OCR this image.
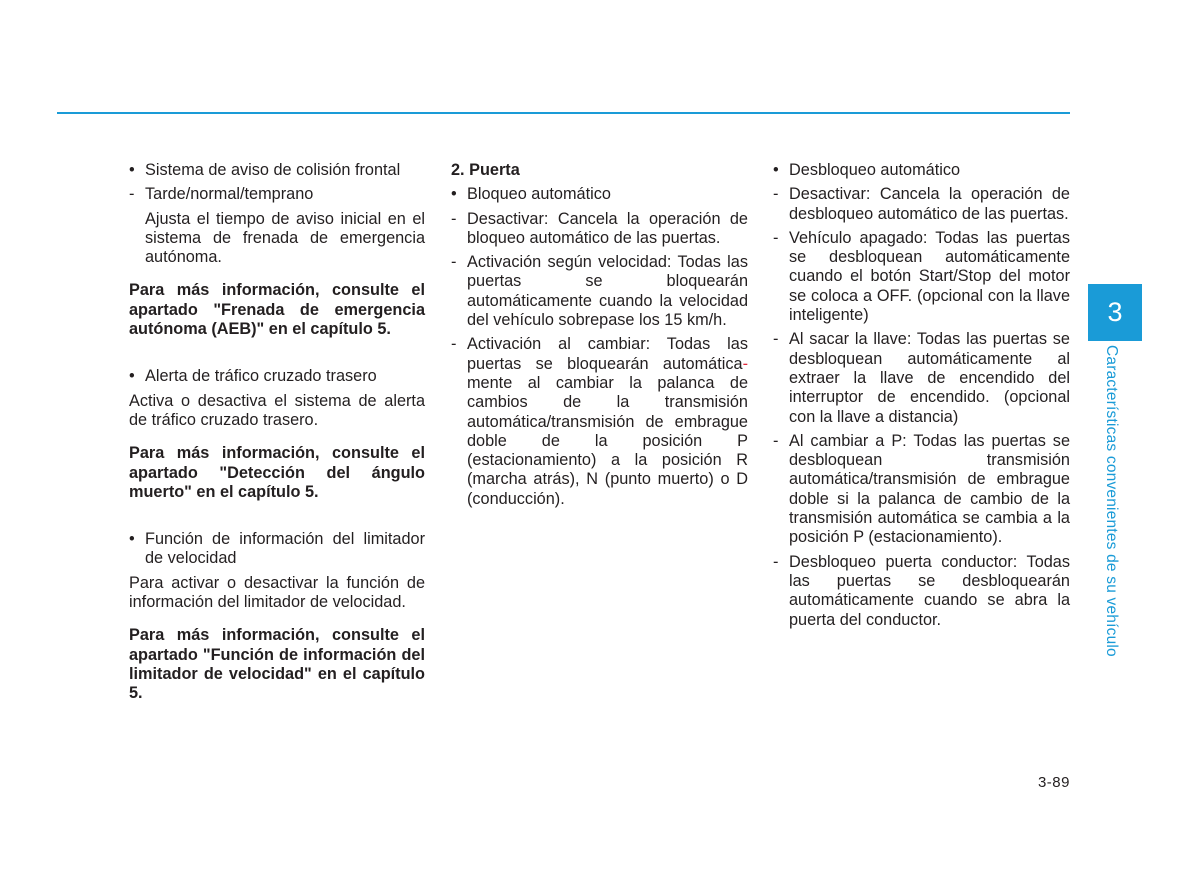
• Sistema de aviso de colisión frontal
- Tarde/normal/temprano
Ajusta el tiempo de aviso inicial en el sistema de frenada de emergencia autónoma.
Para más información, consulte el apartado "Frenada de emergencia autónoma (AEB)" en el capítulo 5.
• Alerta de tráfico cruzado trasero
Activa o desactiva el sistema de alerta de tráfico cruzado trasero.
Para más información, consulte el apartado "Detección del ángulo muerto" en el capítulo 5.
• Función de información del limitador de velocidad
Para activar o desactivar la función de información del limitador de velocidad.
Para más información, consulte el apartado "Función de información del limitador de velocidad" en el capítulo 5.
2. Puerta
• Bloqueo automático
- Desactivar: Cancela la operación de bloqueo automático de las puertas.
- Activación según velocidad: Todas las puertas se bloquearán automáticamente cuando la velocidad del vehículo sobrepase los 15 km/h.
- Activación al cambiar: Todas las puertas se bloquearán automática- mente al cambiar la palanca de cambios de la transmisión automática/transmisión de embrague doble de la posición P (estacionamiento) a la posición R (marcha atrás), N (punto muerto) o D (conducción).
• Desbloqueo automático
- Desactivar: Cancela la operación de desbloqueo automático de las puertas.
- Vehículo apagado: Todas las puertas se desbloquean automáticamente cuando el botón Start/Stop del motor se coloca a OFF. (opcional con la llave inteligente)
- Al sacar la llave: Todas las puertas se desbloquean automáticamente al extraer la llave de encendido del interruptor de encendido. (opcional con la llave a distancia)
- Al cambiar a P: Todas las puertas se desbloquean transmisión automática/transmisión de embrague doble si la palanca de cambio de la transmisión automática se cambia a la posición P (estacionamiento).
- Desbloqueo puerta conductor: Todas las puertas se desbloquearán automáticamente cuando se abra la puerta del conductor.
3
Características convenientes de su vehículo
3-89
